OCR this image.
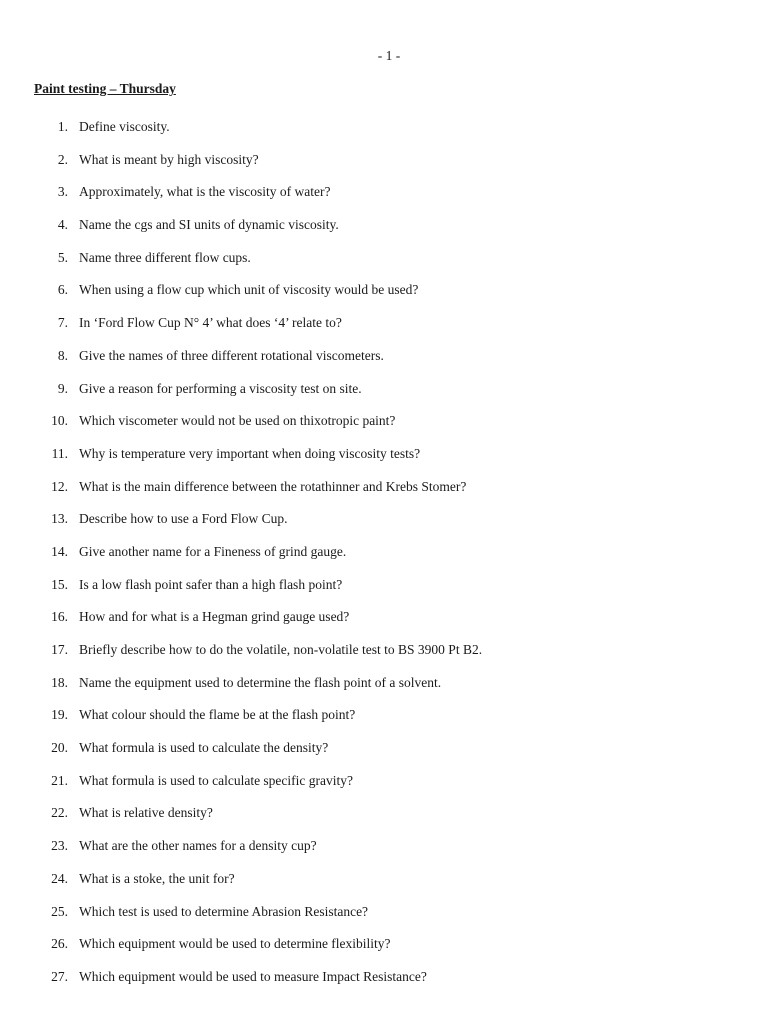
- 1 -
Paint testing – Thursday
1. Define viscosity.
2. What is meant by high viscosity?
3. Approximately, what is the viscosity of water?
4. Name the cgs and SI units of dynamic viscosity.
5. Name three different flow cups.
6. When using a flow cup which unit of viscosity would be used?
7. In ‘Ford Flow Cup N° 4’ what does ‘4’ relate to?
8. Give the names of three different rotational viscometers.
9. Give a reason for performing a viscosity test on site.
10. Which viscometer would not be used on thixotropic paint?
11. Why is temperature very important when doing viscosity tests?
12. What is the main difference between the rotathinner and Krebs Stomer?
13. Describe how to use a Ford Flow Cup.
14. Give another name for a Fineness of grind gauge.
15. Is a low flash point safer than a high flash point?
16. How and for what is a Hegman grind gauge used?
17. Briefly describe how to do the volatile, non-volatile test to BS 3900 Pt B2.
18. Name the equipment used to determine the flash point of a solvent.
19. What colour should the flame be at the flash point?
20. What formula is used to calculate the density?
21. What formula is used to calculate specific gravity?
22. What is relative density?
23. What are the other names for a density cup?
24. What is a stoke, the unit for?
25. Which test is used to determine Abrasion Resistance?
26. Which equipment would be used to determine flexibility?
27. Which equipment would be used to measure Impact Resistance?
